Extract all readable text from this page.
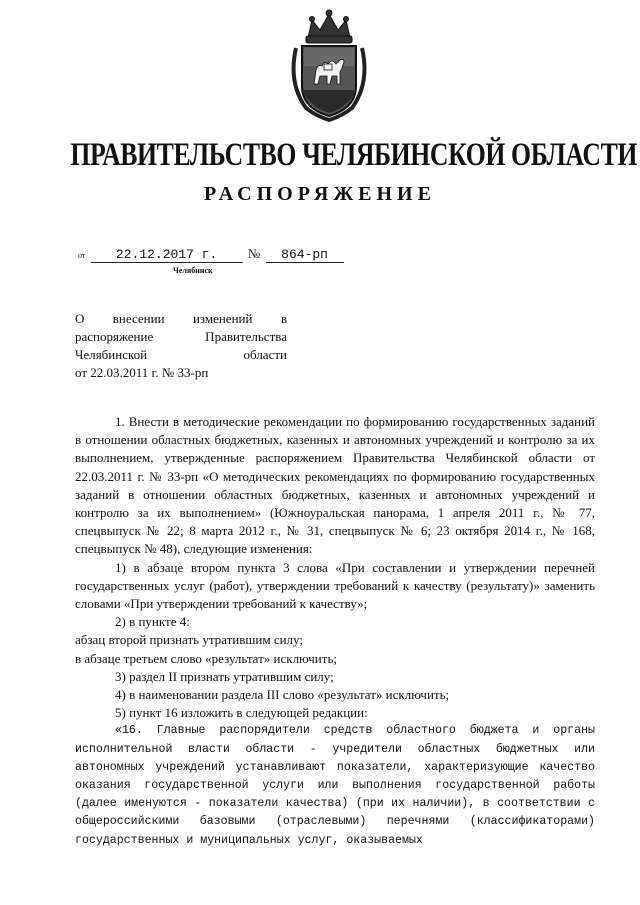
ПРАВИТЕЛЬСТВО ЧЕЛЯБИНСКОЙ ОБЛАСТИ
РАСПОРЯЖЕНИЕ
от 22.12.2017 г. № 864-рп
Челябинск

О внесении изменений в

распоряжение Правительства

Челябинской области

от 22.03.2011 г. № 33-рп

1. Внести в методические рекомендации по формированию государственных заданий в отношении областных бюджетных, казенных и автономных учреждений и контролю за их выполнением, утвержденные распоряжением Правительства Челябинской области от 22.03.2011 г. № 33-рп «О методических рекомендациях по формированию государственных заданий в отношении областных бюджетных, казенных и автономных учреждений и контролю за их выполнением» (Южноуральская панорама, 1 апреля 2011 г., № 77, спецвыпуск № 22; 8 марта 2012 г., № 31, спецвыпуск № 6; 23 октября 2014 г., № 168, спецвыпуск № 48), следующие изменения:

1) в абзаце втором пункта 3 слова «При составлении и утверждении перечней государственных услуг (работ), утверждении требований к качеству (результату)» заменить словами «При утверждении требований к качеству»;

2) в пункте 4:

абзац второй признать утратившим силу;

в абзаце третьем слово «результат» исключить;

3) раздел II признать утратившим силу;

4) в наименовании раздела III слово «результат» исключить;

5) пункт 16 изложить в следующей редакции:

«16. Главные распорядители средств областного бюджета и органы исполнительной власти области - учредители областных бюджетных или автономных учреждений устанавливают показатели, характеризующие качество оказания государственной услуги или выполнения государственной работы (далее именуются - показатели качества) (при их наличии), в соответствии с общероссийскими базовыми (отраслевыми) перечнями (классификаторами) государственных и муниципальных услуг, оказываемых
